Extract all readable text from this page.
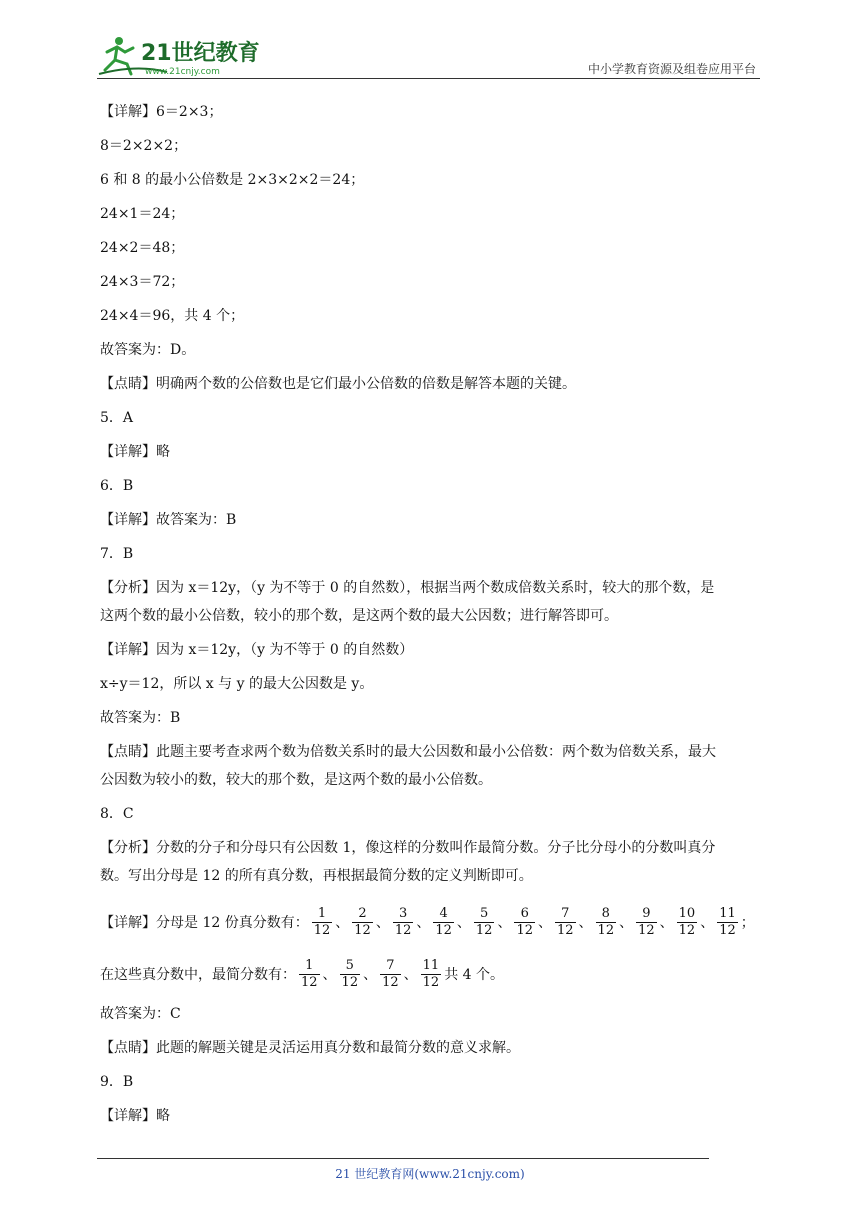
21世纪教育
www.21cnjy.com	中小学教育资源及组卷应用平台
【详解】6＝2×3；
8＝2×2×2；
6 和 8 的最小公倍数是 2×3×2×2＝24；
24×1＝24；
24×2＝48；
24×3＝72；
24×4＝96，共 4 个；
故答案为：D。
【点睛】明确两个数的公倍数也是它们最小公倍数的倍数是解答本题的关键。
5．A
【详解】略
6．B
【详解】故答案为：B
7．B
【分析】因为 x＝12y，（y 为不等于 0 的自然数），根据当两个数成倍数关系时，较大的那个数，是
这两个数的最小公倍数，较小的那个数，是这两个数的最大公因数；进行解答即可。
【详解】因为 x＝12y，（y 为不等于 0 的自然数）
x÷y＝12，所以 x 与 y 的最大公因数是 y。
故答案为：B
【点睛】此题主要考查求两个数为倍数关系时的最大公因数和最小公倍数：两个数为倍数关系，最大
公因数为较小的数，较大的那个数，是这两个数的最小公倍数。
8．C
【分析】分数的分子和分母只有公因数 1，像这样的分数叫作最简分数。分子比分母小的分数叫真分
数。写出分母是 12 的所有真分数，再根据最简分数的定义判断即可。
【详解】分母是 12 份真分数有： $\frac{1}{12}$ 、 $\frac{2}{12}$ 、 $\frac{3}{12}$ 、 $\frac{4}{12}$ 、 $\frac{5}{12}$ 、 $\frac{6}{12}$ 、 $\frac{7}{12}$ 、 $\frac{8}{12}$ 、 $\frac{9}{12}$ 、 $\frac{10}{12}$ 、 $\frac{11}{12}$ ；
在这些真分数中，最简分数有： $\frac{1}{12}$ 、 $\frac{5}{12}$ 、 $\frac{7}{12}$ 、 $\frac{11}{12}$ 共 4 个。
故答案为：C
【点睛】此题的解题关键是灵活运用真分数和最简分数的意义求解。
9．B
【详解】略
21 世纪教育网(www.21cnjy.com)
